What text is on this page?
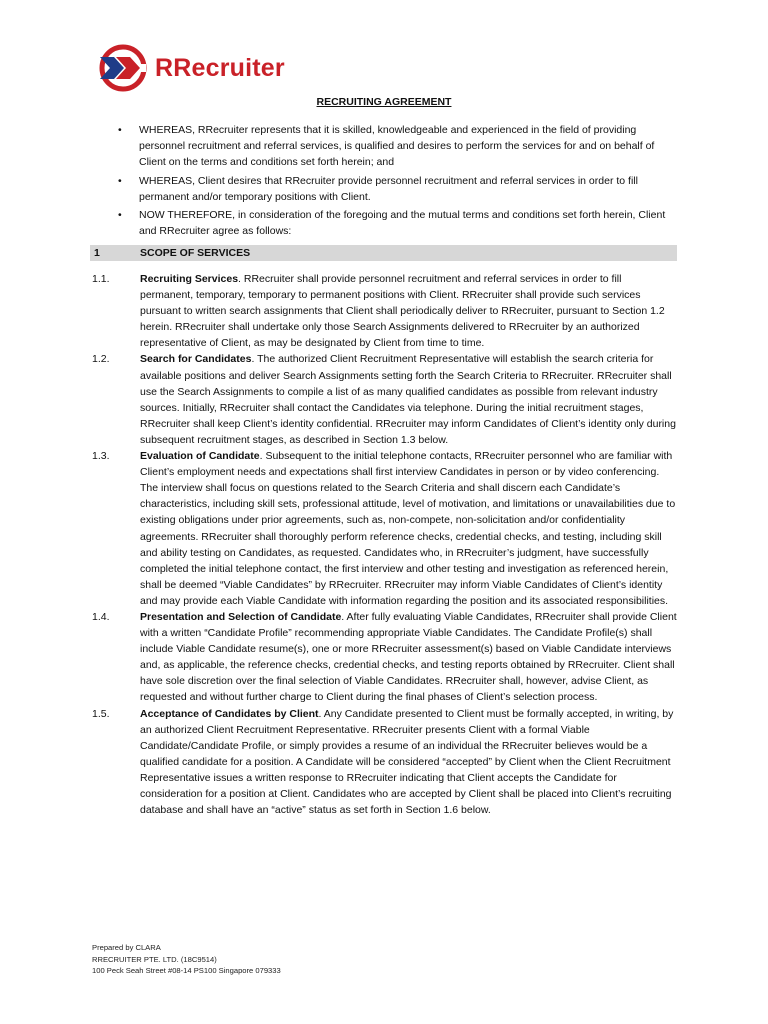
RRecruiter
RECRUITING AGREEMENT
• WHEREAS, RRecruiter represents that it is skilled, knowledgeable and experienced in the field of providing personnel recruitment and referral services, is qualified and desires to perform the services for and on behalf of Client on the terms and conditions set forth herein; and
• WHEREAS, Client desires that RRecruiter provide personnel recruitment and referral services in order to fill permanent and/or temporary positions with Client.
• NOW THEREFORE, in consideration of the foregoing and the mutual terms and conditions set forth herein, Client and RRecruiter agree as follows:
1	SCOPE OF SERVICES
1.1.	Recruiting Services. RRecruiter shall provide personnel recruitment and referral services in order to fill permanent, temporary, temporary to permanent positions with Client. RRecruiter shall provide such services pursuant to written search assignments that Client shall periodically deliver to RRecruiter, pursuant to Section 1.2 herein. RRecruiter shall undertake only those Search Assignments delivered to RRecruiter by an authorized representative of Client, as may be designated by Client from time to time.
1.2.	Search for Candidates. The authorized Client Recruitment Representative will establish the search criteria for available positions and deliver Search Assignments setting forth the Search Criteria to RRecruiter. RRecruiter shall use the Search Assignments to compile a list of as many qualified candidates as possible from relevant industry sources. Initially, RRecruiter shall contact the Candidates via telephone. During the initial recruitment stages, RRecruiter shall keep Client’s identity confidential. RRecruiter may inform Candidates of Client’s identity only during subsequent recruitment stages, as described in Section 1.3 below.
1.3.	Evaluation of Candidate. Subsequent to the initial telephone contacts, RRecruiter personnel who are familiar with Client’s employment needs and expectations shall first interview Candidates in person or by video conferencing. The interview shall focus on questions related to the Search Criteria and shall discern each Candidate’s characteristics, including skill sets, professional attitude, level of motivation, and limitations or unavailabilities due to existing obligations under prior agreements, such as, non-compete, non-solicitation and/or confidentiality agreements. RRecruiter shall thoroughly perform reference checks, credential checks, and testing, including skill and ability testing on Candidates, as requested. Candidates who, in RRecruiter’s judgment, have successfully completed the initial telephone contact, the first interview and other testing and investigation as referenced herein, shall be deemed “Viable Candidates” by RRecruiter. RRecruiter may inform Viable Candidates of Client’s identity and may provide each Viable Candidate with information regarding the position and its associated responsibilities.
1.4.	Presentation and Selection of Candidate. After fully evaluating Viable Candidates, RRecruiter shall provide Client with a written “Candidate Profile” recommending appropriate Viable Candidates. The Candidate Profile(s) shall include Viable Candidate resume(s), one or more RRecruiter assessment(s) based on Viable Candidate interviews and, as applicable, the reference checks, credential checks, and testing reports obtained by RRecruiter. Client shall have sole discretion over the final selection of Viable Candidates. RRecruiter shall, however, advise Client, as requested and without further charge to Client during the final phases of Client’s selection process.
1.5.	Acceptance of Candidates by Client. Any Candidate presented to Client must be formally accepted, in writing, by an authorized Client Recruitment Representative. RRecruiter presents Client with a formal Viable Candidate/Candidate Profile, or simply provides a resume of an individual the RRecruiter believes would be a qualified candidate for a position. A Candidate will be considered “accepted” by Client when the Client Recruitment Representative issues a written response to RRecruiter indicating that Client accepts the Candidate for consideration for a position at Client. Candidates who are accepted by Client shall be placed into Client’s recruiting database and shall have an “active” status as set forth in Section 1.6 below.
Prepared by CLARA
RRECRUITER PTE. LTD. (18C9514)
100 Peck Seah Street #08-14 PS100 Singapore 079333
